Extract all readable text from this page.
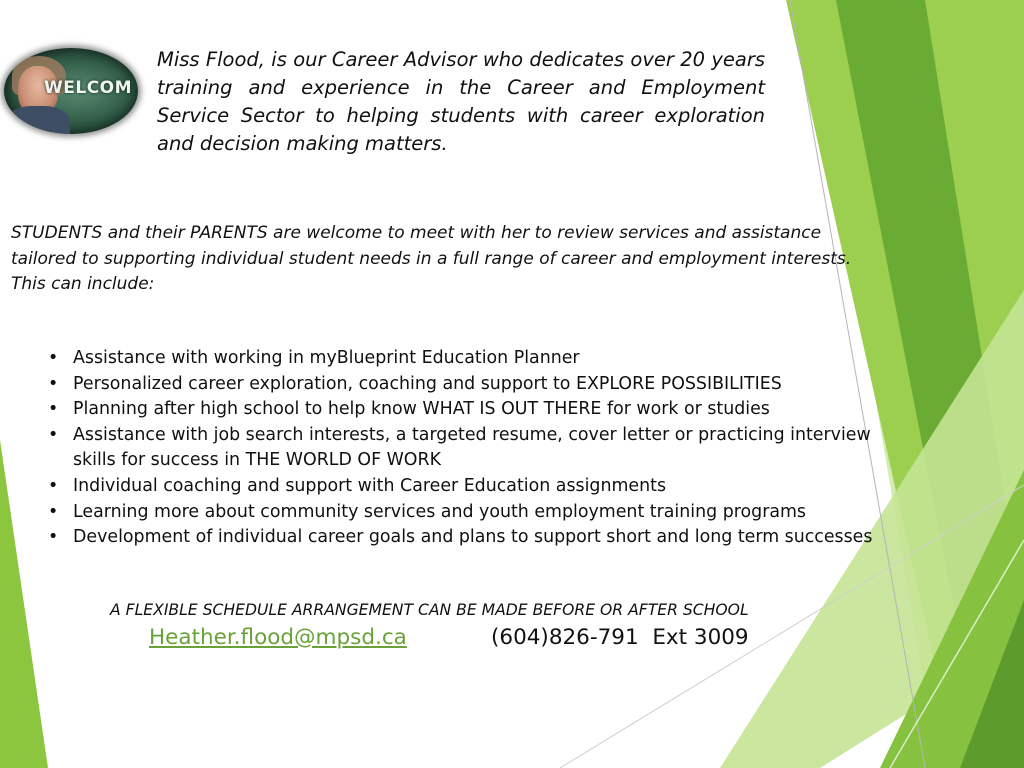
WELCOM
Miss Flood, is our Career Advisor who dedicates over 20 years training and experience in the Career and Employment Service Sector to helping students with career exploration and decision making matters.

STUDENTS and their PARENTS are welcome to meet with her to review services and assistance tailored to supporting individual student needs in a full range of career and employment interests.

This can include:

• Assistance with working in myBlueprint Education Planner
• Personalized career exploration, coaching and support to EXPLORE POSSIBILITIES
• Planning after high school to help know WHAT IS OUT THERE for work or studies
• Assistance with job search interests, a targeted resume, cover letter or practicing interview skills for success in THE WORLD OF WORK
• Individual coaching and support with Career Education assignments
• Learning more about community services and youth employment training programs
• Development of individual career goals and plans to support short and long term successes
A FLEXIBLE SCHEDULE ARRANGEMENT CAN BE MADE BEFORE OR AFTER SCHOOL
Heather.flood@mpsd.ca	(604)826-791  Ext 3009
